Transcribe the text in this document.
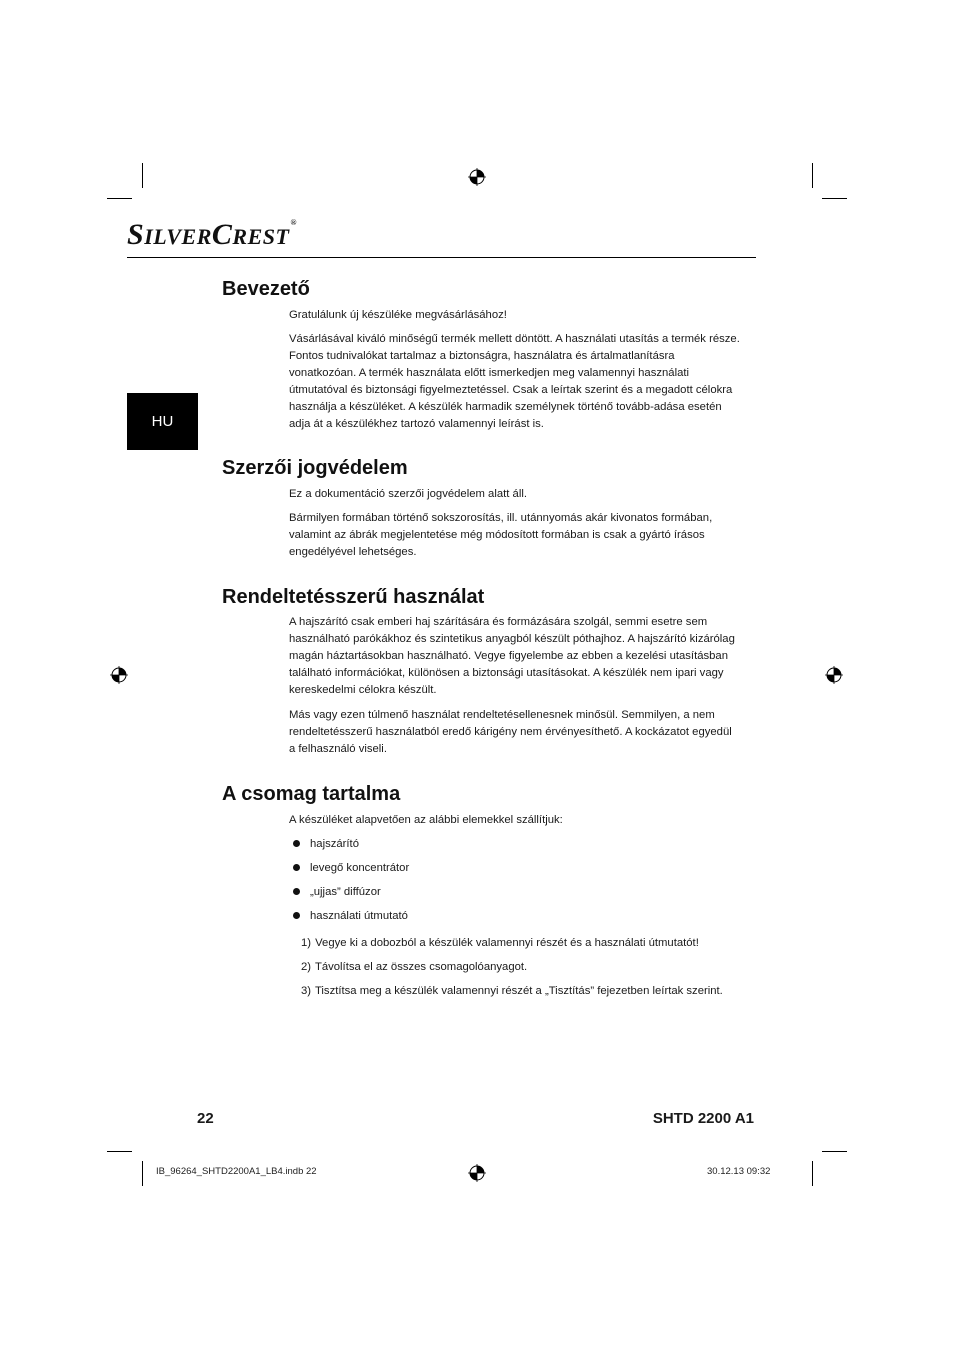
SILVERCREST®
HU
Bevezető

Gratulálunk új készüléke megvásárlásához!

Vásárlásával kiváló minőségű termék mellett döntött. A használati utasítás a termék része. Fontos tudnivalókat tartalmaz a biztonságra, használatra és ártalmatlanításra vonatkozóan. A termék használata előtt ismerkedjen meg valamennyi használati útmutatóval és biztonsági figyelmeztetéssel. Csak a leírtak szerint és a megadott célokra használja a készüléket. A készülék harmadik személynek történő tovább-adása esetén adja át a készülékhez tartozó valamennyi leírást is.

Szerzői jogvédelem

Ez a dokumentáció szerzői jogvédelem alatt áll.

Bármilyen formában történő sokszorosítás, ill. utánnyomás akár kivonatos formában, valamint az ábrák megjelentetése még módosított formában is csak a gyártó írásos engedélyével lehetséges.

Rendeltetésszerű használat

A hajszárító csak emberi haj szárítására és formázására szolgál, semmi esetre sem használható parókákhoz és szintetikus anyagból készült póthajhoz. A hajszárító kizárólag magán háztartásokban használható. Vegye figyelembe az ebben a kezelési utasításban található információkat, különösen a biztonsági utasításokat. A készülék nem ipari vagy kereskedelmi célokra készült.

Más vagy ezen túlmenő használat rendeltetésellenesnek minősül. Semmilyen, a nem rendeltetésszerű használatból eredő kárigény nem érvényesíthető. A kockázatot egyedül a felhasználó viseli.

A csomag tartalma

A készüléket alapvetően az alábbi elemekkel szállítjuk:

hajszárító
levegő koncentrátor
„ujjas” diffúzor
használati útmutató
1) Vegye ki a dobozból a készülék valamennyi részét és a használati útmutatót!
2) Távolítsa el az összes csomagolóanyagot.
3) Tisztítsa meg a készülék valamennyi részét a „Tisztítás” fejezetben leírtak szerint.
22	SHTD 2200 A1
IB_96264_SHTD2200A1_LB4.indb 22	30.12.13 09:32
